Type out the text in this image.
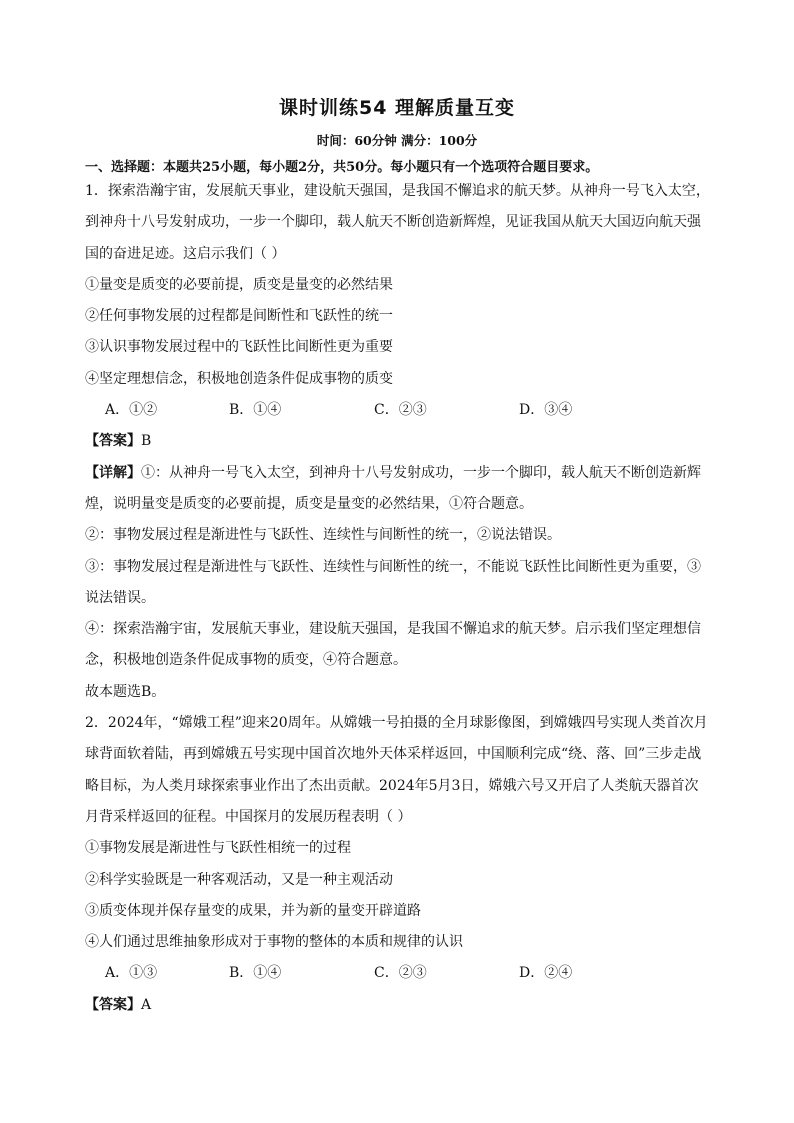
课时训练54 理解质量互变
时间：60分钟 满分：100分
一、选择题：本题共25小题，每小题2分，共50分。每小题只有一个选项符合题目要求。
1．探索浩瀚宇宙，发展航天事业，建设航天强国，是我国不懈追求的航天梦。从神舟一号飞入太空，
到神舟十八号发射成功，一步一个脚印，载人航天不断创造新辉煌，见证我国从航天大国迈向航天强
国的奋进足迹。这启示我们（ ）
①量变是质变的必要前提，质变是量变的必然结果
②任何事物发展的过程都是间断性和飞跃性的统一
③认识事物发展过程中的飞跃性比间断性更为重要
④坚定理想信念，积极地创造条件促成事物的质变
A．①②	B．①④	C．②③	D．③④
【答案】B
【详解】①：从神舟一号飞入太空，到神舟十八号发射成功，一步一个脚印，载人航天不断创造新辉
煌，说明量变是质变的必要前提，质变是量变的必然结果，①符合题意。
②：事物发展过程是渐进性与飞跃性、连续性与间断性的统一，②说法错误。
③：事物发展过程是渐进性与飞跃性、连续性与间断性的统一，不能说飞跃性比间断性更为重要，③
说法错误。
④：探索浩瀚宇宙，发展航天事业，建设航天强国，是我国不懈追求的航天梦。启示我们坚定理想信
念，积极地创造条件促成事物的质变，④符合题意。
故本题选B。
2．2024年，“嫦娥工程”迎来20周年。从嫦娥一号拍摄的全月球影像图，到嫦娥四号实现人类首次月
球背面软着陆，再到嫦娥五号实现中国首次地外天体采样返回，中国顺利完成“绕、落、回”三步走战
略目标，为人类月球探索事业作出了杰出贡献。2024年5月3日，嫦娥六号又开启了人类航天器首次
月背采样返回的征程。中国探月的发展历程表明（ ）
①事物发展是渐进性与飞跃性相统一的过程
②科学实验既是一种客观活动，又是一种主观活动
③质变体现并保存量变的成果，并为新的量变开辟道路
④人们通过思维抽象形成对于事物的整体的本质和规律的认识
A．①③	B．①④	C．②③	D．②④
【答案】A
